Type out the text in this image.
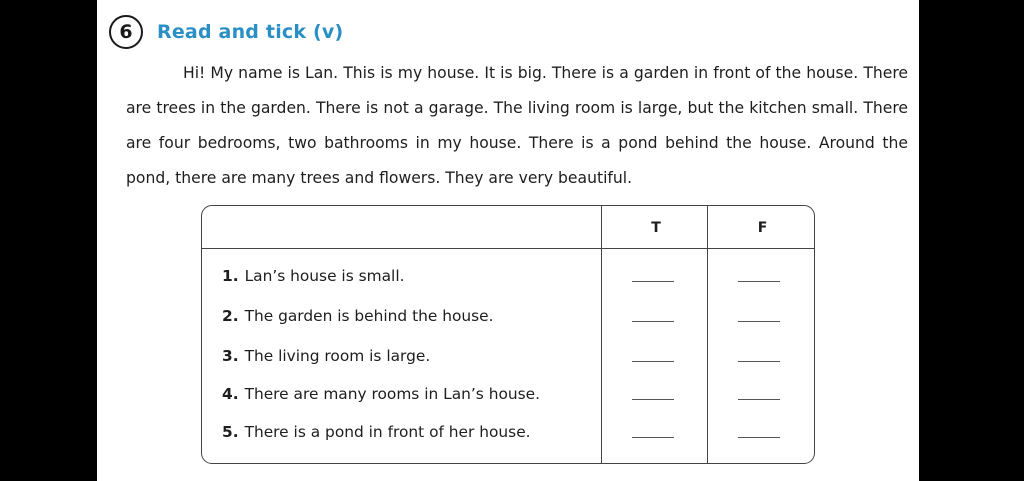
6	Read and tick (v)

Hi! My name is Lan. This is my house. It is big. There is a garden in front of the house. There are trees in the garden. There is not a garage. The living room is large, but the kitchen small. There are four bedrooms, two bathrooms in my house. There is a pond behind the house. Around the pond, there are many trees and flowers. They are very beautiful.

T	F
1. Lan’s house is small.
2. The garden is behind the house.
3. The living room is large.
4. There are many rooms in Lan’s house.
5. There is a pond in front of her house.
